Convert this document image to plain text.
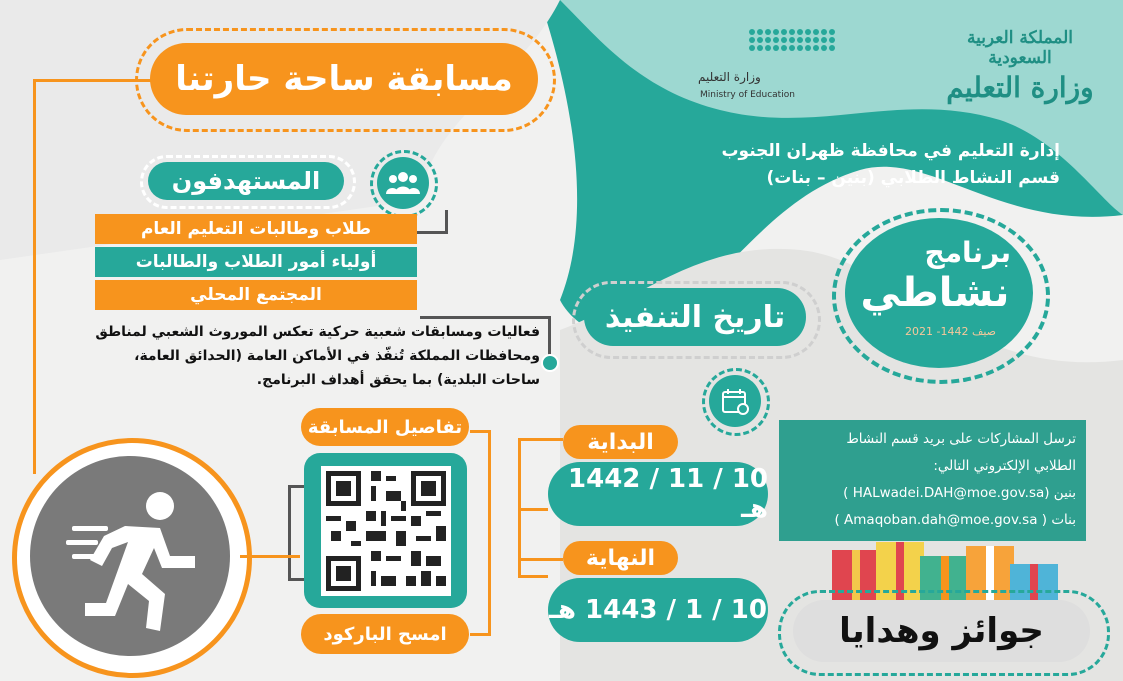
المملكة العربية السعودية
وزارة التعليم

وزارة التعليم
Ministry of Education
إدارة التعليم في محافظة ظهران الجنوب
قسم النشاط الطلابي (بنين – بنات)
مسابقة ساحة حارتنا
المستهدفون
طلاب وطالبات التعليم العام
أولياء أمور الطلاب والطالبات
المجتمع المحلي
فعاليات ومسابقات شعبية حركية تعكس الموروث الشعبي لمناطق
ومحافظات المملكة تُنفّذ في الأماكن العامة (الحدائق العامة،
ساحات البلدية) بما يحقق أهداف البرنامج.
برنامج
نشاطي
صيف 1442- 2021
تاريخ التنفيذ
البداية
10 / 11 / 1442 هـ
النهاية
10 / 1 / 1443 هـ
تفاصيل المسابقة
امسح الباركود
ترسل المشاركات على بريد قسم النشاط
الطلابي الإلكتروني التالي:
بنين (HALwadei.DAH@moe.gov.sa )
بنات ( Amaqoban.dah@moe.gov.sa )
جوائز وهدايا
